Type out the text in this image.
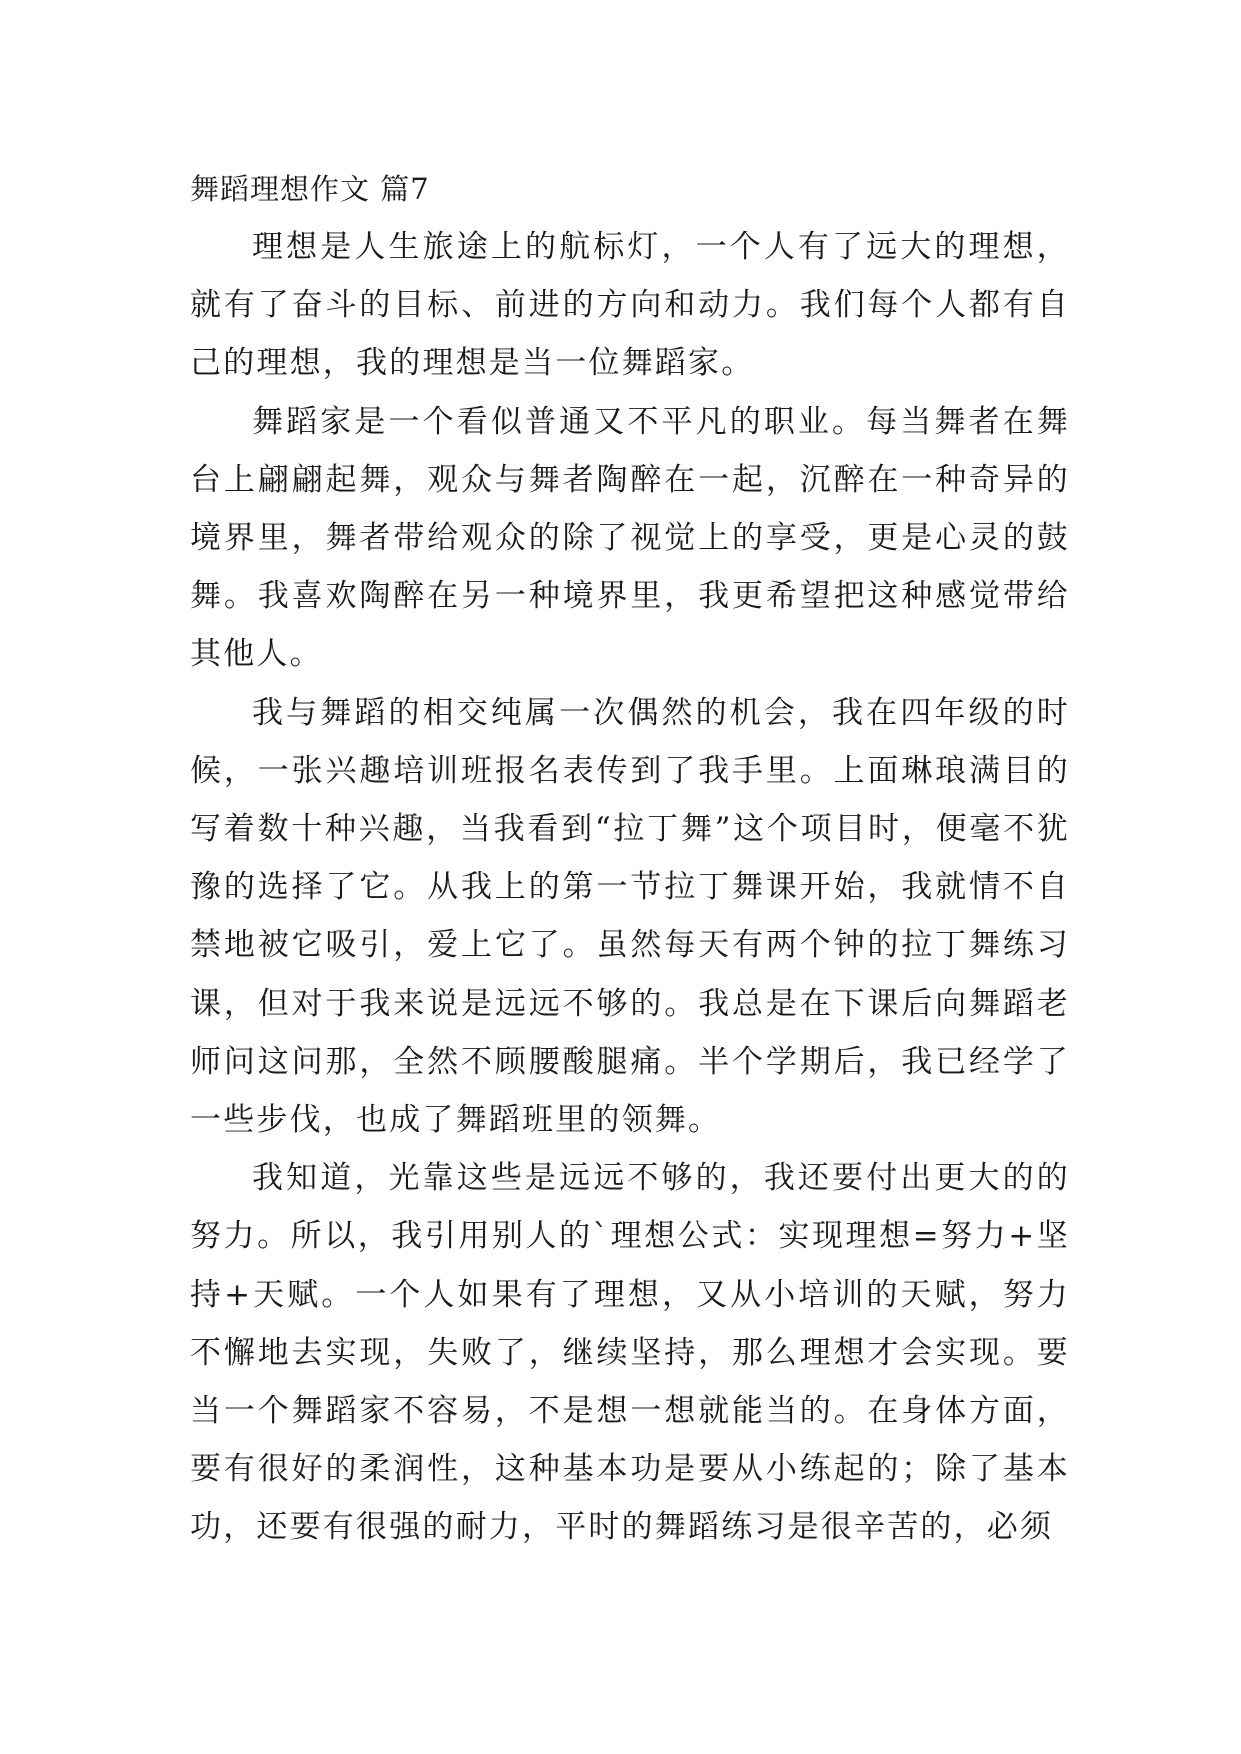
舞蹈理想作文 篇7

理想是人生旅途上的航标灯，一个人有了远大的理想，就有了奋斗的目标、前进的方向和动力。我们每个人都有自己的理想，我的理想是当一位舞蹈家。

舞蹈家是一个看似普通又不平凡的职业。每当舞者在舞台上翩翩起舞，观众与舞者陶醉在一起，沉醉在一种奇异的境界里，舞者带给观众的除了视觉上的享受，更是心灵的鼓舞。我喜欢陶醉在另一种境界里，我更希望把这种感觉带给其他人。

我与舞蹈的相交纯属一次偶然的机会，我在四年级的时候，一张兴趣培训班报名表传到了我手里。上面琳琅满目的写着数十种兴趣，当我看到“拉丁舞”这个项目时，便毫不犹豫的选择了它。从我上的第一节拉丁舞课开始，我就情不自禁地被它吸引，爱上它了。虽然每天有两个钟的拉丁舞练习课，但对于我来说是远远不够的。我总是在下课后向舞蹈老师问这问那，全然不顾腰酸腿痛。半个学期后，我已经学了一些步伐，也成了舞蹈班里的领舞。

我知道，光靠这些是远远不够的，我还要付出更大的的努力。所以，我引用别人的`理想公式：实现理想=努力+坚持+天赋。一个人如果有了理想，又从小培训的天赋，努力不懈地去实现，失败了，继续坚持，那么理想才会实现。要当一个舞蹈家不容易，不是想一想就能当的。在身体方面，要有很好的柔润性，这种基本功是要从小练起的；除了基本功，还要有很强的耐力，平时的舞蹈练习是很辛苦的，必须
